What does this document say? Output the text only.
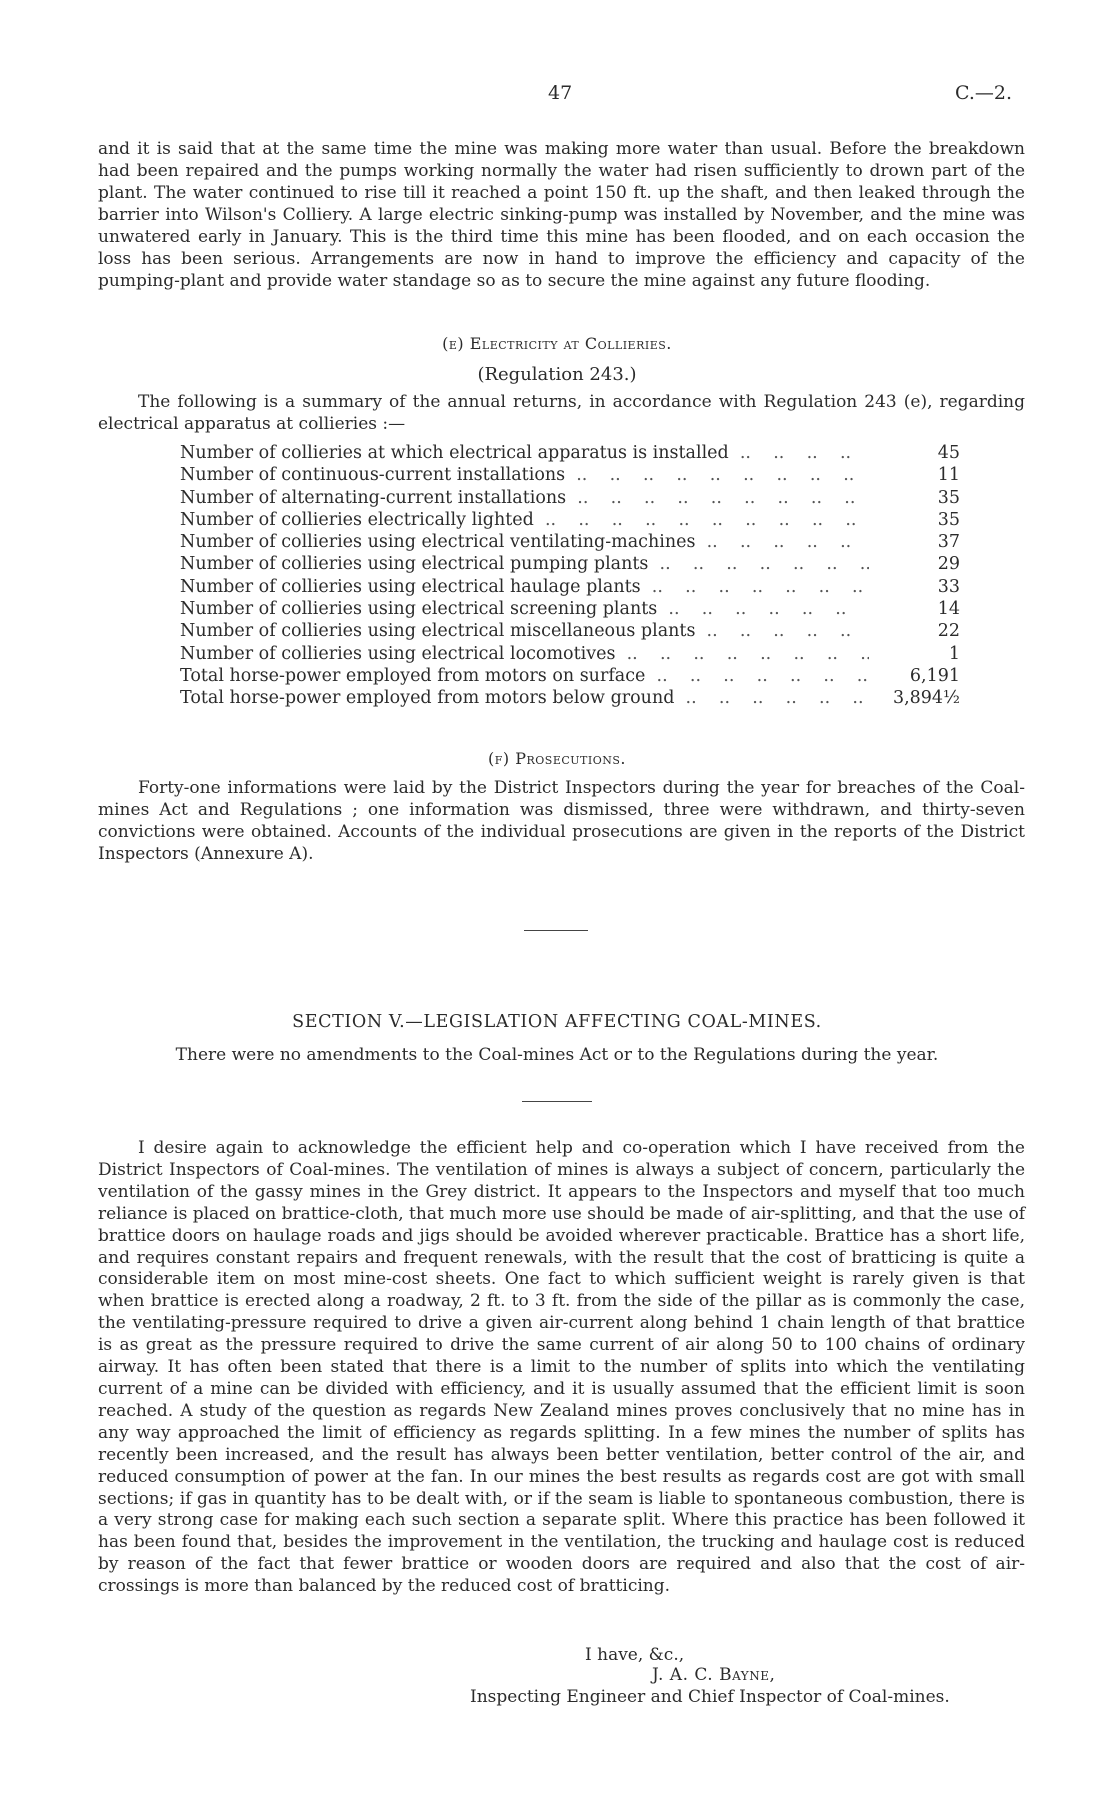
47	C.—2.

and it is said that at the same time the mine was making more water than usual. Before the breakdown had been repaired and the pumps working normally the water had risen sufficiently to drown part of the plant. The water continued to rise till it reached a point 150 ft. up the shaft, and then leaked through the barrier into Wilson's Colliery. A large electric sinking-pump was installed by November, and the mine was unwatered early in January. This is the third time this mine has been flooded, and on each occasion the loss has been serious. Arrangements are now in hand to improve the efficiency and capacity of the pumping-plant and provide water standage so as to secure the mine against any future flooding.

(e) Electricity at Collieries.

(Regulation 243.)

The following is a summary of the annual returns, in accordance with Regulation 243 (e), regarding electrical apparatus at collieries :—

Number of collieries at which electrical apparatus is installed ..	45
Number of continuous-current installations ..	11
Number of alternating-current installations ..	35
Number of collieries electrically lighted ..	35
Number of collieries using electrical ventilating-machines ..	37
Number of collieries using electrical pumping plants ..	29
Number of collieries using electrical haulage plants ..	33
Number of collieries using electrical screening plants ..	14
Number of collieries using electrical miscellaneous plants ..	22
Number of collieries using electrical locomotives ..	1
Total horse-power employed from motors on surface ..	6,191
Total horse-power employed from motors below ground ..	3,894½

(f) Prosecutions.

Forty-one informations were laid by the District Inspectors during the year for breaches of the Coal-mines Act and Regulations ; one information was dismissed, three were withdrawn, and thirty-seven convictions were obtained. Accounts of the individual prosecutions are given in the reports of the District Inspectors (Annexure A).

SECTION V.—LEGISLATION AFFECTING COAL-MINES.

There were no amendments to the Coal-mines Act or to the Regulations during the year.

I desire again to acknowledge the efficient help and co-operation which I have received from the District Inspectors of Coal-mines. The ventilation of mines is always a subject of concern, particularly the ventilation of the gassy mines in the Grey district. It appears to the Inspectors and myself that too much reliance is placed on brattice-cloth, that much more use should be made of air-splitting, and that the use of brattice doors on haulage roads and jigs should be avoided wherever practicable. Brattice has a short life, and requires constant repairs and frequent renewals, with the result that the cost of bratticing is quite a considerable item on most mine-cost sheets. One fact to which sufficient weight is rarely given is that when brattice is erected along a roadway, 2 ft. to 3 ft. from the side of the pillar as is commonly the case, the ventilating-pressure required to drive a given air-current along behind 1 chain length of that brattice is as great as the pressure required to drive the same current of air along 50 to 100 chains of ordinary airway. It has often been stated that there is a limit to the number of splits into which the ventilating current of a mine can be divided with efficiency, and it is usually assumed that the efficient limit is soon reached. A study of the question as regards New Zealand mines proves conclusively that no mine has in any way approached the limit of efficiency as regards splitting. In a few mines the number of splits has recently been increased, and the result has always been better ventilation, better control of the air, and reduced consumption of power at the fan. In our mines the best results as regards cost are got with small sections; if gas in quantity has to be dealt with, or if the seam is liable to spontaneous combustion, there is a very strong case for making each such section a separate split. Where this practice has been followed it has been found that, besides the improvement in the ventilation, the trucking and haulage cost is reduced by reason of the fact that fewer brattice or wooden doors are required and also that the cost of air-crossings is more than balanced by the reduced cost of bratticing.

I have, &c.,
J. A. C. Bayne,
Inspecting Engineer and Chief Inspector of Coal-mines.
